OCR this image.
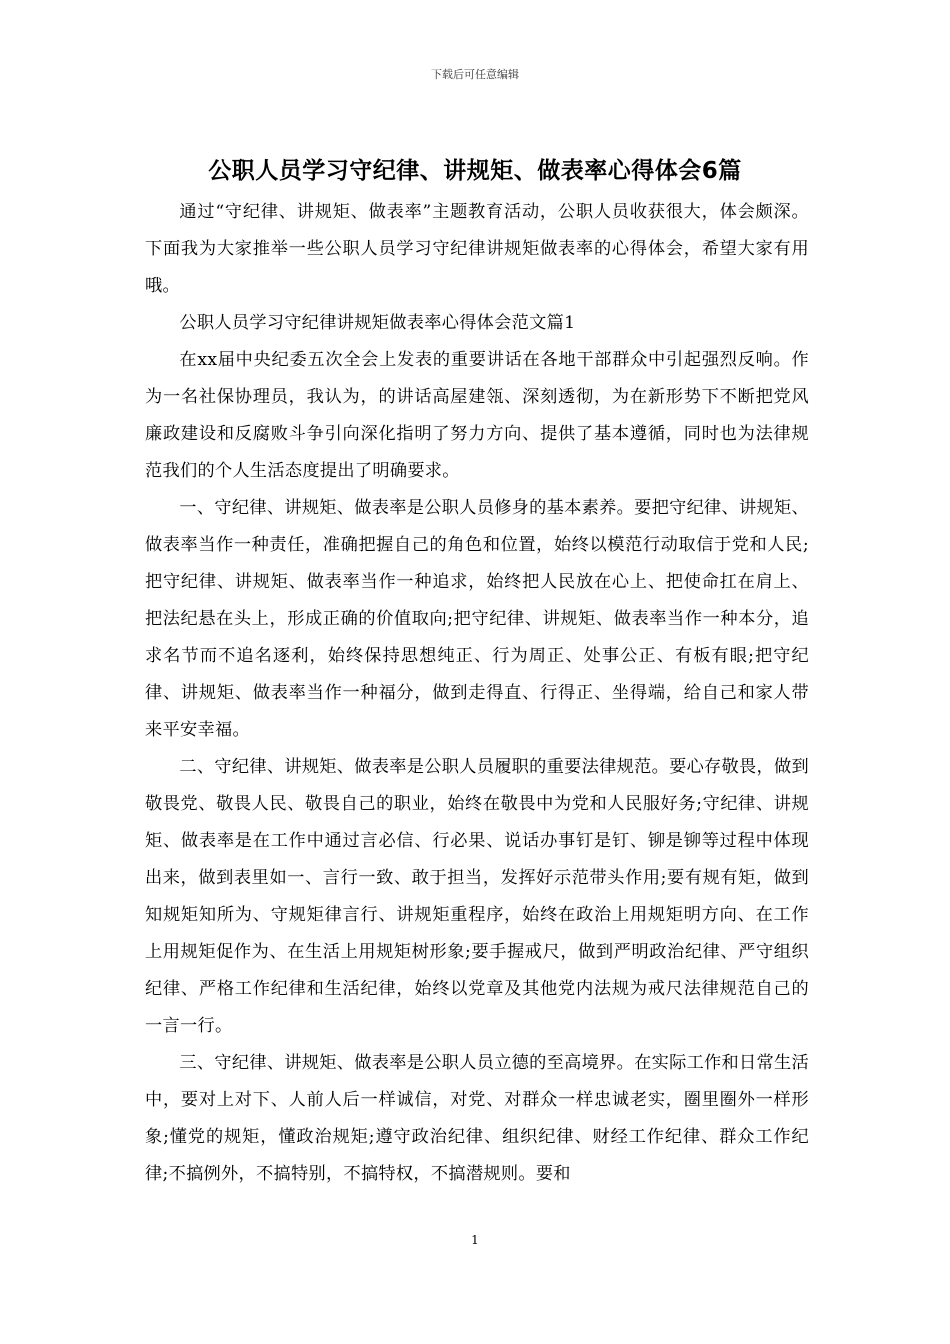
下载后可任意编辑
公职人员学习守纪律、讲规矩、做表率心得体会6篇

通过“守纪律、讲规矩、做表率”主题教育活动，公职人员收获很大，体会颇深。下面我为大家推举一些公职人员学习守纪律讲规矩做表率的心得体会，希望大家有用哦。

公职人员学习守纪律讲规矩做表率心得体会范文篇1

在xx届中央纪委五次全会上发表的重要讲话在各地干部群众中引起强烈反响。作为一名社保协理员，我认为，的讲话高屋建瓴、深刻透彻，为在新形势下不断把党风廉政建设和反腐败斗争引向深化指明了努力方向、提供了基本遵循，同时也为法律规范我们的个人生活态度提出了明确要求。

一、守纪律、讲规矩、做表率是公职人员修身的基本素养。要把守纪律、讲规矩、做表率当作一种责任，准确把握自己的角色和位置，始终以模范行动取信于党和人民;把守纪律、讲规矩、做表率当作一种追求，始终把人民放在心上、把使命扛在肩上、把法纪悬在头上，形成正确的价值取向;把守纪律、讲规矩、做表率当作一种本分，追求名节而不追名逐利，始终保持思想纯正、行为周正、处事公正、有板有眼;把守纪律、讲规矩、做表率当作一种福分，做到走得直、行得正、坐得端，给自己和家人带来平安幸福。

二、守纪律、讲规矩、做表率是公职人员履职的重要法律规范。要心存敬畏，做到敬畏党、敬畏人民、敬畏自己的职业，始终在敬畏中为党和人民服好务;守纪律、讲规矩、做表率是在工作中通过言必信、行必果、说话办事钉是钉、铆是铆等过程中体现出来，做到表里如一、言行一致、敢于担当，发挥好示范带头作用;要有规有矩，做到知规矩知所为、守规矩律言行、讲规矩重程序，始终在政治上用规矩明方向、在工作上用规矩促作为、在生活上用规矩树形象;要手握戒尺，做到严明政治纪律、严守组织纪律、严格工作纪律和生活纪律，始终以党章及其他党内法规为戒尺法律规范自己的一言一行。

三、守纪律、讲规矩、做表率是公职人员立德的至高境界。在实际工作和日常生活中，要对上对下、人前人后一样诚信，对党、对群众一样忠诚老实，圈里圈外一样形象;懂党的规矩，懂政治规矩;遵守政治纪律、组织纪律、财经工作纪律、群众工作纪律;不搞例外，不搞特别，不搞特权，不搞潜规则。要和

1
